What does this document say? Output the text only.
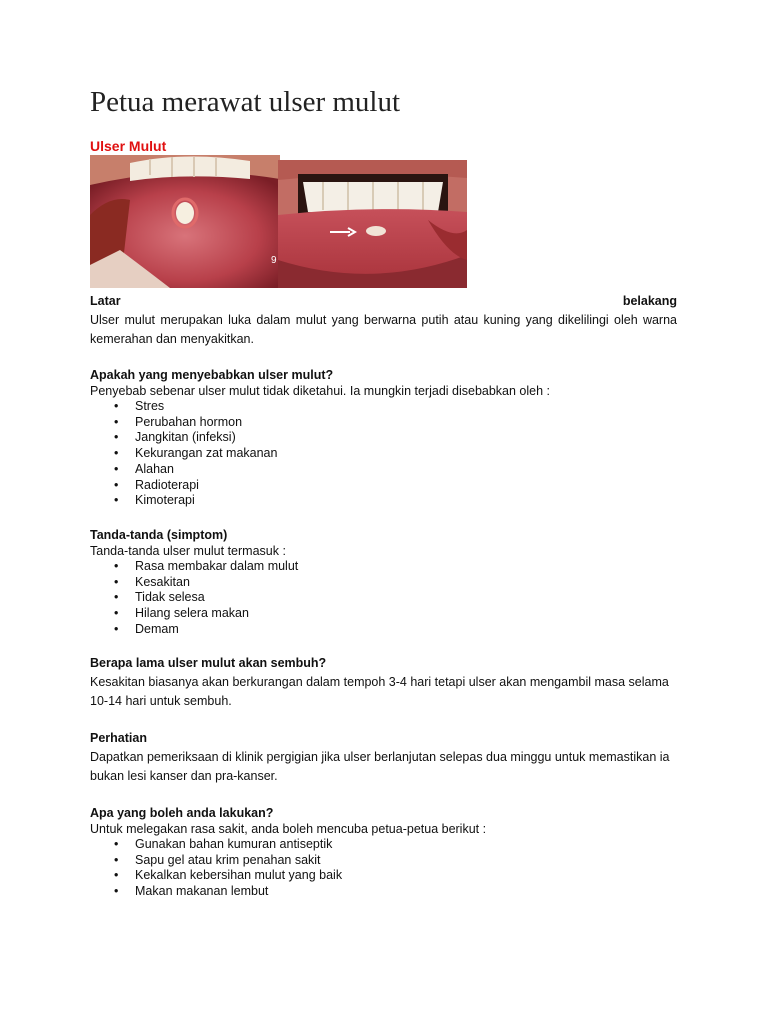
Petua merawat ulser mulut
Ulser Mulut
9
Latar	belakang

Ulser mulut merupakan luka dalam mulut yang berwarna putih atau kuning yang dikelilingi oleh warna kemerahan dan menyakitkan.

Apakah yang menyebabkan ulser mulut?

Penyebab sebenar ulser mulut tidak diketahui. Ia mungkin terjadi disebabkan oleh :

• Stres
• Perubahan hormon
• Jangkitan (infeksi)
• Kekurangan zat makanan
• Alahan
• Radioterapi
• Kimoterapi
Tanda-tanda (simptom)

Tanda-tanda ulser mulut termasuk :

• Rasa membakar dalam mulut
• Kesakitan
• Tidak selesa
• Hilang selera makan
• Demam
Berapa lama ulser mulut akan sembuh?

Kesakitan biasanya akan berkurangan dalam tempoh 3-4 hari tetapi ulser akan mengambil masa selama 10-14 hari untuk sembuh.

Perhatian

Dapatkan pemeriksaan di klinik pergigian jika ulser berlanjutan selepas dua minggu untuk memastikan ia bukan lesi kanser dan pra-kanser.

Apa yang boleh anda lakukan?

Untuk melegakan rasa sakit, anda boleh mencuba petua-petua berikut :

• Gunakan bahan kumuran antiseptik
• Sapu gel atau krim penahan sakit
• Kekalkan kebersihan mulut yang baik
• Makan makanan lembut
